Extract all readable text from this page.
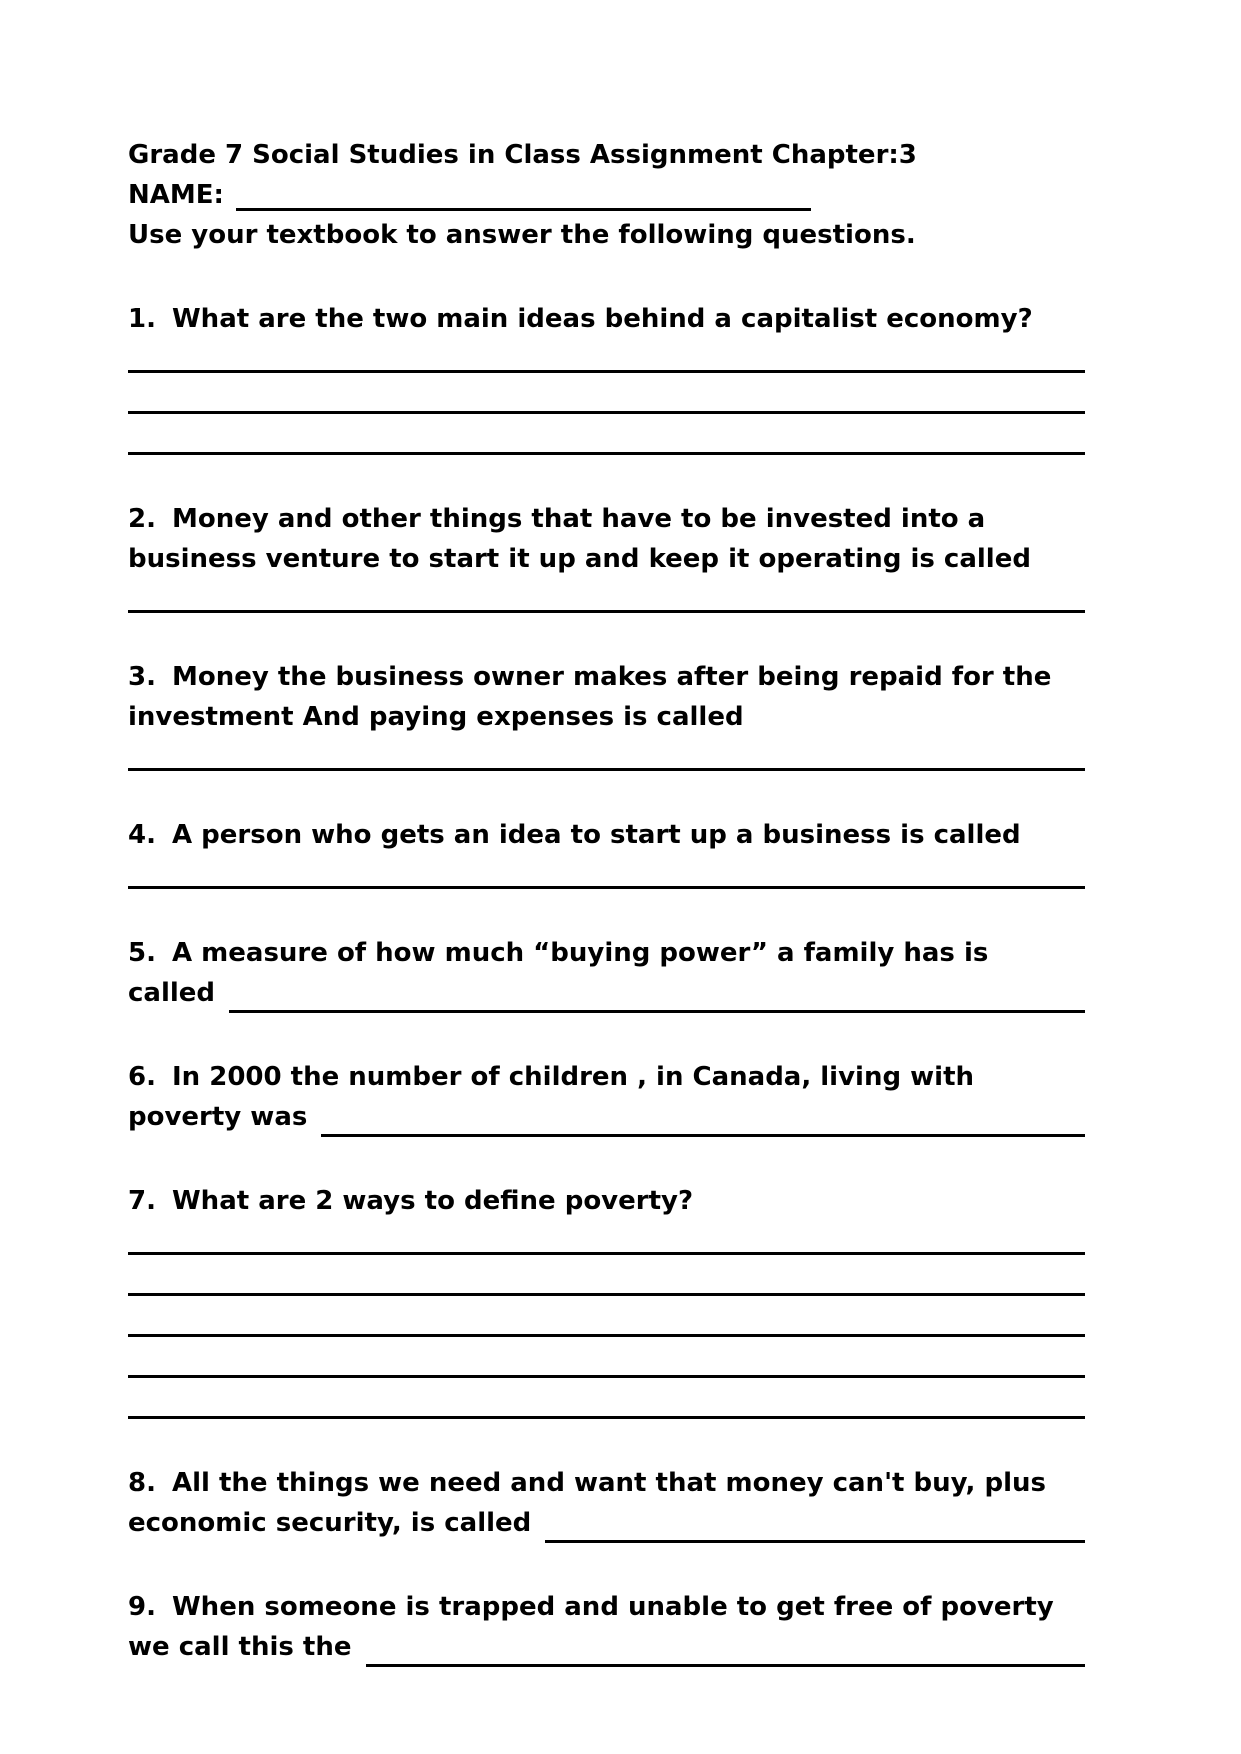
Grade 7 Social Studies in Class Assignment Chapter:3
NAME:
Use your textbook to answer the following questions.
1. What are the two main ideas behind a capitalist economy?
2. Money and other things that have to be invested into a
business venture to start it up and keep it operating is called
3. Money the business owner makes after being repaid for the
investment And paying expenses is called
4. A person who gets an idea to start up a business is called
5. A measure of how much “buying power” a family has is
called
6. In 2000 the number of children , in Canada, living with
poverty was
7. What are 2 ways to define poverty?
8. All the things we need and want that money can't buy, plus
economic security, is called
9. When someone is trapped and unable to get free of poverty
we call this the
